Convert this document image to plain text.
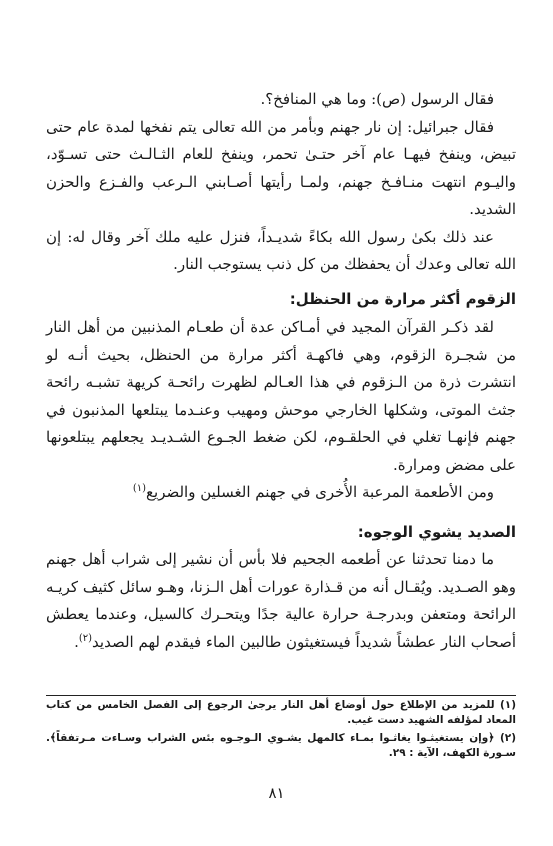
فقال الرسول (ص): وما هي المنافخ؟.

فقال جبرائيل: إن نار جهنم وبأمر من الله تعالى يتم نفخها لمدة عام حتى تبيض، وينفخ فيهـا عام آخر حتـىٰ تحمر، وينفخ للعام الثـالـث حتى تسـوّد، واليـوم انتهت منـافـخ جهنم، ولمـا رأيتها أصـابني الـرعب والفـزع والحزن الشديد.

عند ذلك بكىٰ رسول الله بكاءً شديـداً، فنزل عليه ملك آخر وقال له: إن الله تعالى وعدك أن يحفظك من كل ذنب يستوجب النار.

الزقوم أكثر مرارة من الحنظل:

لقد ذكـر القرآن المجيد في أمـاكن عدة أن طعـام المذنبين من أهل النار من شجـرة الزقوم، وهي فاكهـة أكثر مرارة من الحنظل، بحيث أنـه لو انتشرت ذرة من الـزقوم في هذا العـالم لظهرت رائحـة كريهة تشبـه رائحة جثث الموتى، وشكلها الخارجي موحش ومهيب وعنـدما يبتلعها المذنبون في جهنم فإنهـا تغلي في الحلقـوم، لكن ضغط الجـوع الشـديـد يجعلهم يبتلعونها على مضض ومرارة.

ومن الأطعمة المرعبة الأُخرى في جهنم الغسلين والضريع$^{(١)}$

الصديد يشوي الوجوه:

ما دمنا تحدثنا عن أطعمه الجحيم فلا بأس أن نشير إلى شراب أهل جهنم وهو الصـديد. ويُقـال أنه من قـذارة عورات أهل الـزنا، وهـو سائل كثيف كريـه الرائحة ومتعفن وبدرجـة حرارة عالية جدًا ويتحـرك كالسيل، وعندما يعطش أصحاب النار عطشاً شديداً فيستغيثون طالبين الماء فيقدم لهم الصديد$^{(٢)}$.

(١) للمزيد من الإطلاع حول أوضاع أهل النار يرجىٰ الرجوع إلى الفصل الخامس من كتاب المعاد لمؤلفه الشهيد دست غيب.

(٢) ﴿وإن يستغيثـوا يغاثـوا بمـاء كالمهل يشـوي الـوجـوه بئس الشراب وسـاءت مـرتفقاً﴾. سـورة الكهف، الآية : ٢٩.

٨١
